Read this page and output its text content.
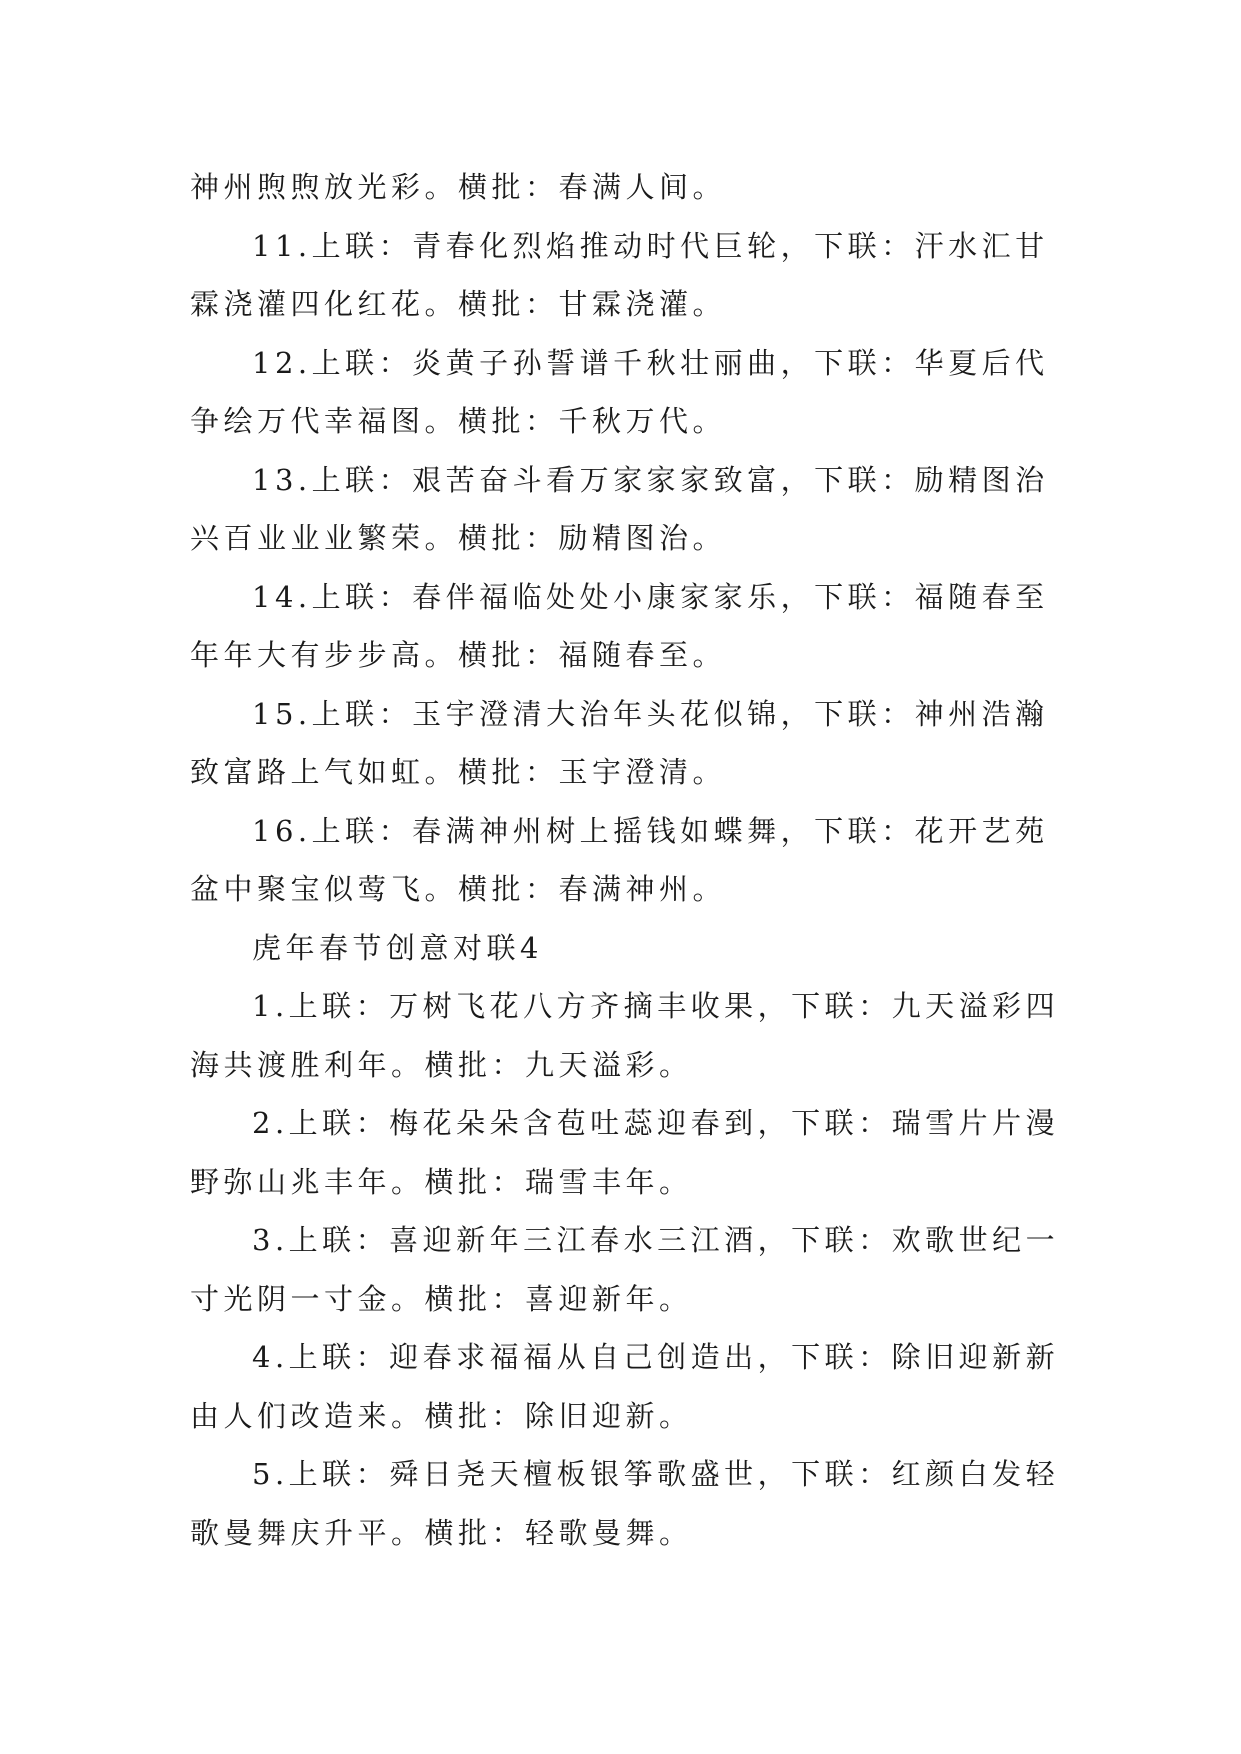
神州煦煦放光彩。横批：春满人间。
11.上联：青春化烈焰推动时代巨轮，下联：汗水汇甘
霖浇灌四化红花。横批：甘霖浇灌。
12.上联：炎黄子孙誓谱千秋壮丽曲，下联：华夏后代
争绘万代幸福图。横批：千秋万代。
13.上联：艰苦奋斗看万家家家致富，下联：励精图治
兴百业业业繁荣。横批：励精图治。
14.上联：春伴福临处处小康家家乐，下联：福随春至
年年大有步步高。横批：福随春至。
15.上联：玉宇澄清大治年头花似锦，下联：神州浩瀚
致富路上气如虹。横批：玉宇澄清。
16.上联：春满神州树上摇钱如蝶舞，下联：花开艺苑
盆中聚宝似莺飞。横批：春满神州。
虎年春节创意对联4
1.上联：万树飞花八方齐摘丰收果，下联：九天溢彩四
海共渡胜利年。横批：九天溢彩。
2.上联：梅花朵朵含苞吐蕊迎春到，下联：瑞雪片片漫
野弥山兆丰年。横批：瑞雪丰年。
3.上联：喜迎新年三江春水三江酒，下联：欢歌世纪一
寸光阴一寸金。横批：喜迎新年。
4.上联：迎春求福福从自己创造出，下联：除旧迎新新
由人们改造来。横批：除旧迎新。
5.上联：舜日尧天檀板银筝歌盛世，下联：红颜白发轻
歌曼舞庆升平。横批：轻歌曼舞。
